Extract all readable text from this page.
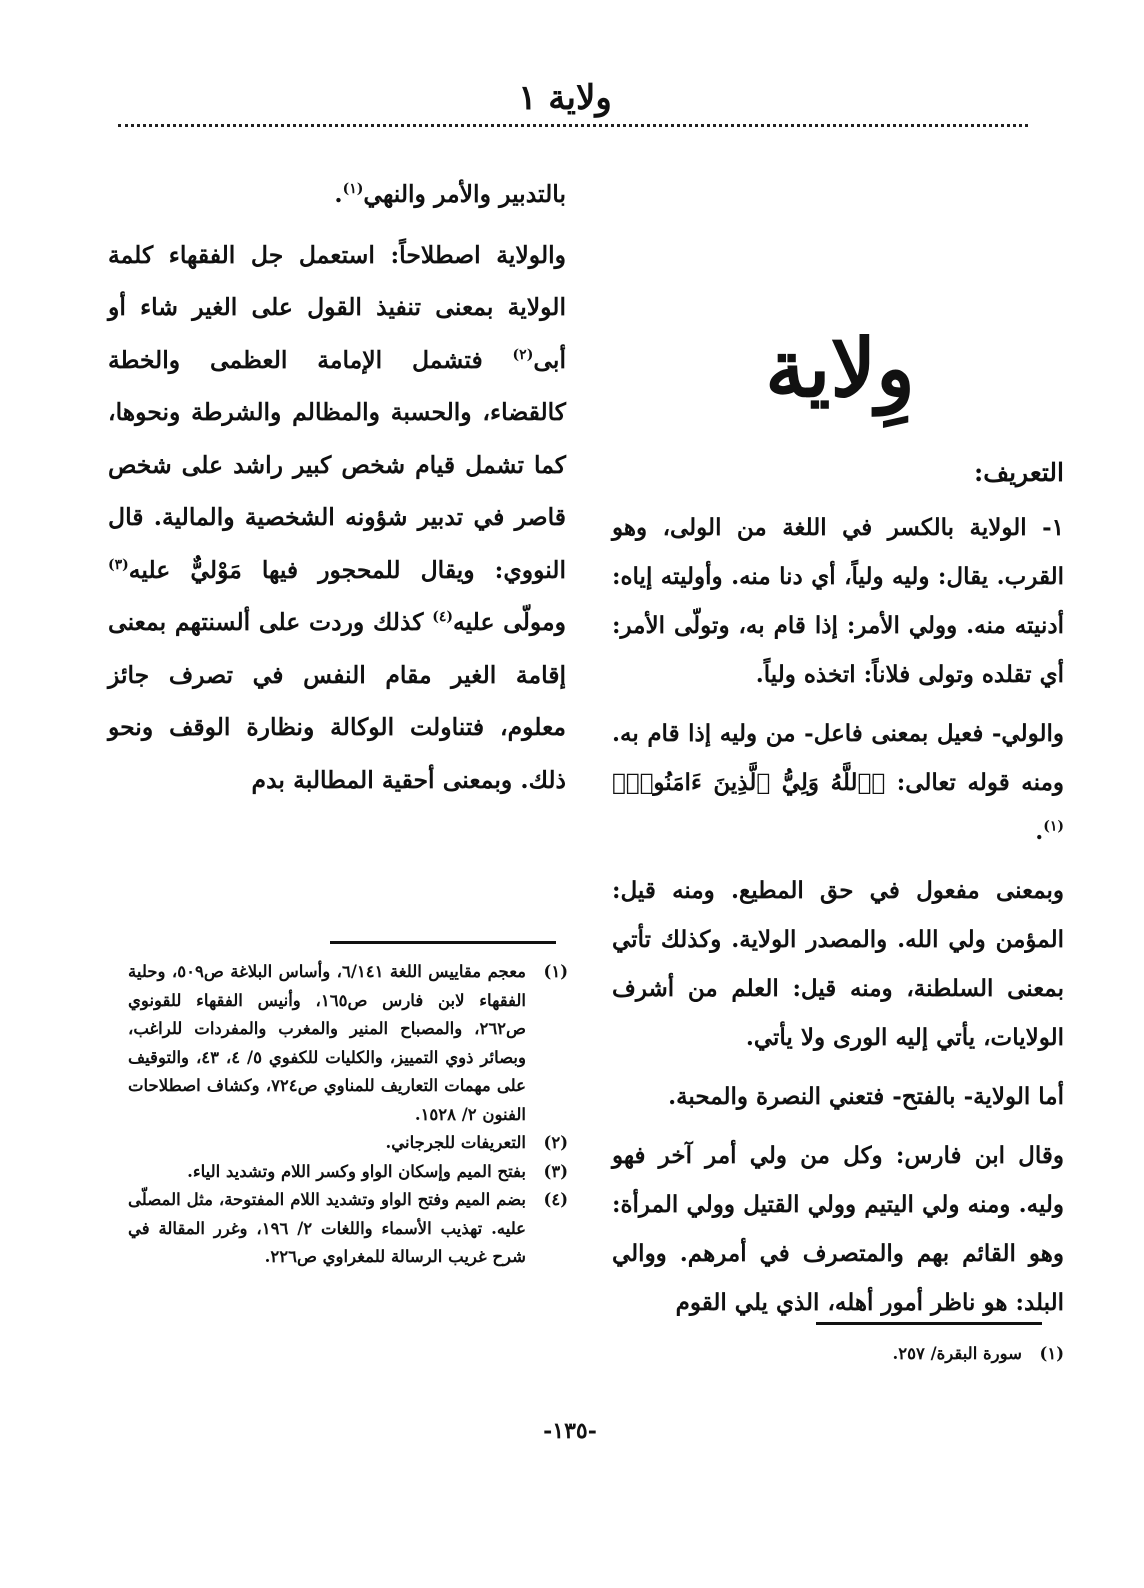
ولاية ١
وِلاية

التعريف:

١- الولاية بالكسر في اللغة من الولى، وهو القرب. يقال: وليه ولياً، أي دنا منه. وأوليته إياه: أدنيته منه. وولي الأمر: إذا قام به، وتولّى الأمر: أي تقلده وتولى فلاناً: اتخذه ولياً.

والولي- فعيل بمعنى فاعل- من وليه إذا قام به. ومنه قوله تعالى: ﴿ٱللَّهُ وَلِيُّ ٱلَّذِينَ ءَامَنُوا۟﴾$^{(١)}$.

وبمعنى مفعول في حق المطيع. ومنه قيل: المؤمن ولي الله. والمصدر الولاية. وكذلك تأتي بمعنى السلطنة، ومنه قيل: العلم من أشرف الولايات، يأتي إليه الورى ولا يأتي.

أما الولاية- بالفتح- فتعني النصرة والمحبة.

وقال ابن فارس: وكل من ولي أمر آخر فهو وليه. ومنه ولي اليتيم وولي القتيل وولي المرأة: وهو القائم بهم والمتصرف في أمرهم. ووالي البلد: هو ناظر أمور أهله، الذي يلي القوم

بالتدبير والأمر والنهي$^{(١)}$.

والولاية اصطلاحاً: استعمل جل الفقهاء كلمة الولاية بمعنى تنفيذ القول على الغير شاء أو أبى$^{(٢)}$ فتشمل الإمامة العظمى والخطة كالقضاء، والحسبة والمظالم والشرطة ونحوها، كما تشمل قيام شخص كبير راشد على شخص قاصر في تدبير شؤونه الشخصية والمالية. قال النووي: ويقال للمحجور فيها مَوْليٌّ عليه$^{(٣)}$ ومولّى عليه$^{(٤)}$ كذلك وردت على ألسنتهم بمعنى إقامة الغير مقام النفس في تصرف جائز معلوم، فتناولت الوكالة ونظارة الوقف ونحو ذلك. وبمعنى أحقية المطالبة بدم

(١)
معجم مقاييس اللغة ٦/١٤١، وأساس البلاغة ص٥٠٩، وحلية الفقهاء لابن فارس ص١٦٥، وأنيس الفقهاء للقونوي ص٢٦٢، والمصباح المنير والمغرب والمفردات للراغب، وبصائر ذوي التمييز، والكليات للكفوي ٥/ ٤، ٤٣، والتوقيف على مهمات التعاريف للمناوي ص٧٢٤، وكشاف اصطلاحات الفنون ٢/ ١٥٢٨.
(٢)
التعريفات للجرجاني.
(٣)
بفتح الميم وإسكان الواو وكسر اللام وتشديد الياء.
(٤)
بضم الميم وفتح الواو وتشديد اللام المفتوحة، مثل المصلّى عليه. تهذيب الأسماء واللغات ٢/ ١٩٦، وغرر المقالة في شرح غريب الرسالة للمغراوي ص٢٢٦.
(١)
سورة البقرة/ ٢٥٧.
-١٣٥-
